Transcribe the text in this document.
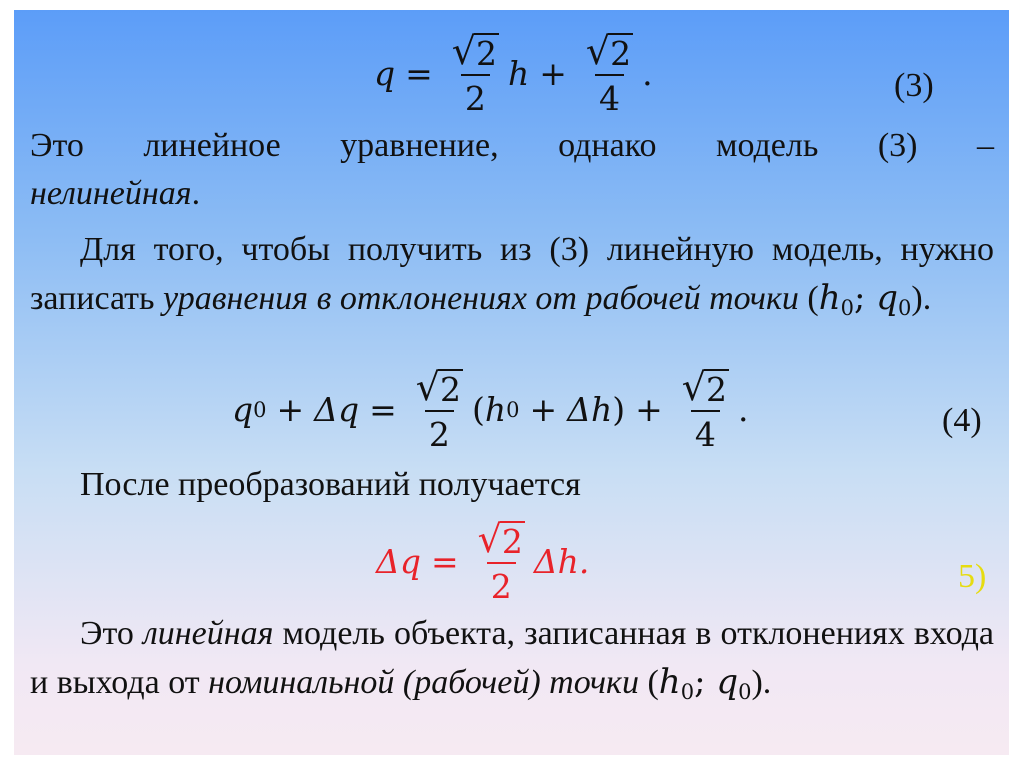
$q = \frac{√ 2}{2}$ $h + \frac{√ 2}{4}$ .	(3)
Это линейное уравнение, однако модель (3) –
нелинейная.
Для того, чтобы получить из (3) линейную модель, нужно записать уравнения в отклонениях от рабочей точки ($h_0$; $q_0$).
q $0 + \Delta q = \frac{√ 2}{2}$ ( h 0 + Δh ) + $\frac{√ 2}{4}$ .	(4)
После преобразований получается
$\Delta q = \frac{√ 2}{2} \Delta h$.	5)
Это линейная модель объекта, записанная в отклонениях входа и выхода от номинальной (рабочей) точки ($h_0$; $q_0$).
